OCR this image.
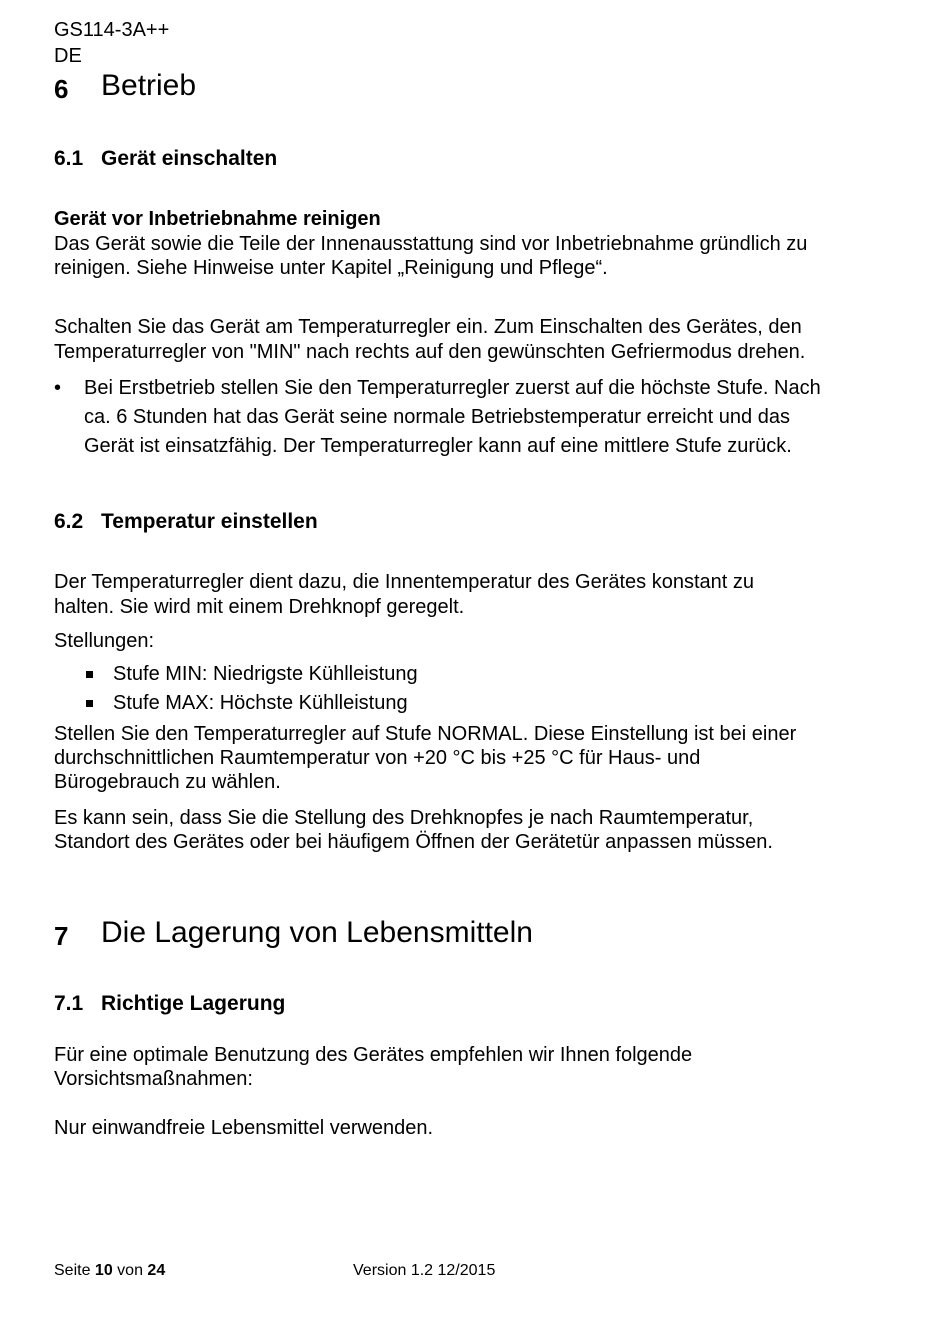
GS114-3A++
DE
6 Betrieb
6.1 Gerät einschalten
Gerät vor Inbetriebnahme reinigen
Das Gerät sowie die Teile der Innenausstattung sind vor Inbetriebnahme gründlich zu
reinigen. Siehe Hinweise unter Kapitel „Reinigung und Pflege“.
Schalten Sie das Gerät am Temperaturregler ein. Zum Einschalten des Gerätes, den
Temperaturregler von "MIN" nach rechts auf den gewünschten Gefriermodus drehen.
• Bei Erstbetrieb stellen Sie den Temperaturregler zuerst auf die höchste Stufe. Nach
ca. 6 Stunden hat das Gerät seine normale Betriebstemperatur erreicht und das
Gerät ist einsatzfähig. Der Temperaturregler kann auf eine mittlere Stufe zurück.
6.2 Temperatur einstellen
Der Temperaturregler dient dazu, die Innentemperatur des Gerätes konstant zu
halten. Sie wird mit einem Drehknopf geregelt.
Stellungen:
Stufe MIN: Niedrigste Kühlleistung
Stufe MAX: Höchste Kühlleistung
Stellen Sie den Temperaturregler auf Stufe NORMAL. Diese Einstellung ist bei einer
durchschnittlichen Raumtemperatur von +20 °C bis +25 °C für Haus- und
Bürogebrauch zu wählen.
Es kann sein, dass Sie die Stellung des Drehknopfes je nach Raumtemperatur,
Standort des Gerätes oder bei häufigem Öffnen der Gerätetür anpassen müssen.
7 Die Lagerung von Lebensmitteln
7.1 Richtige Lagerung
Für eine optimale Benutzung des Gerätes empfehlen wir Ihnen folgende
Vorsichtsmaßnahmen:
Nur einwandfreie Lebensmittel verwenden.
Seite 10 von 24	Version 1.2 12/2015
